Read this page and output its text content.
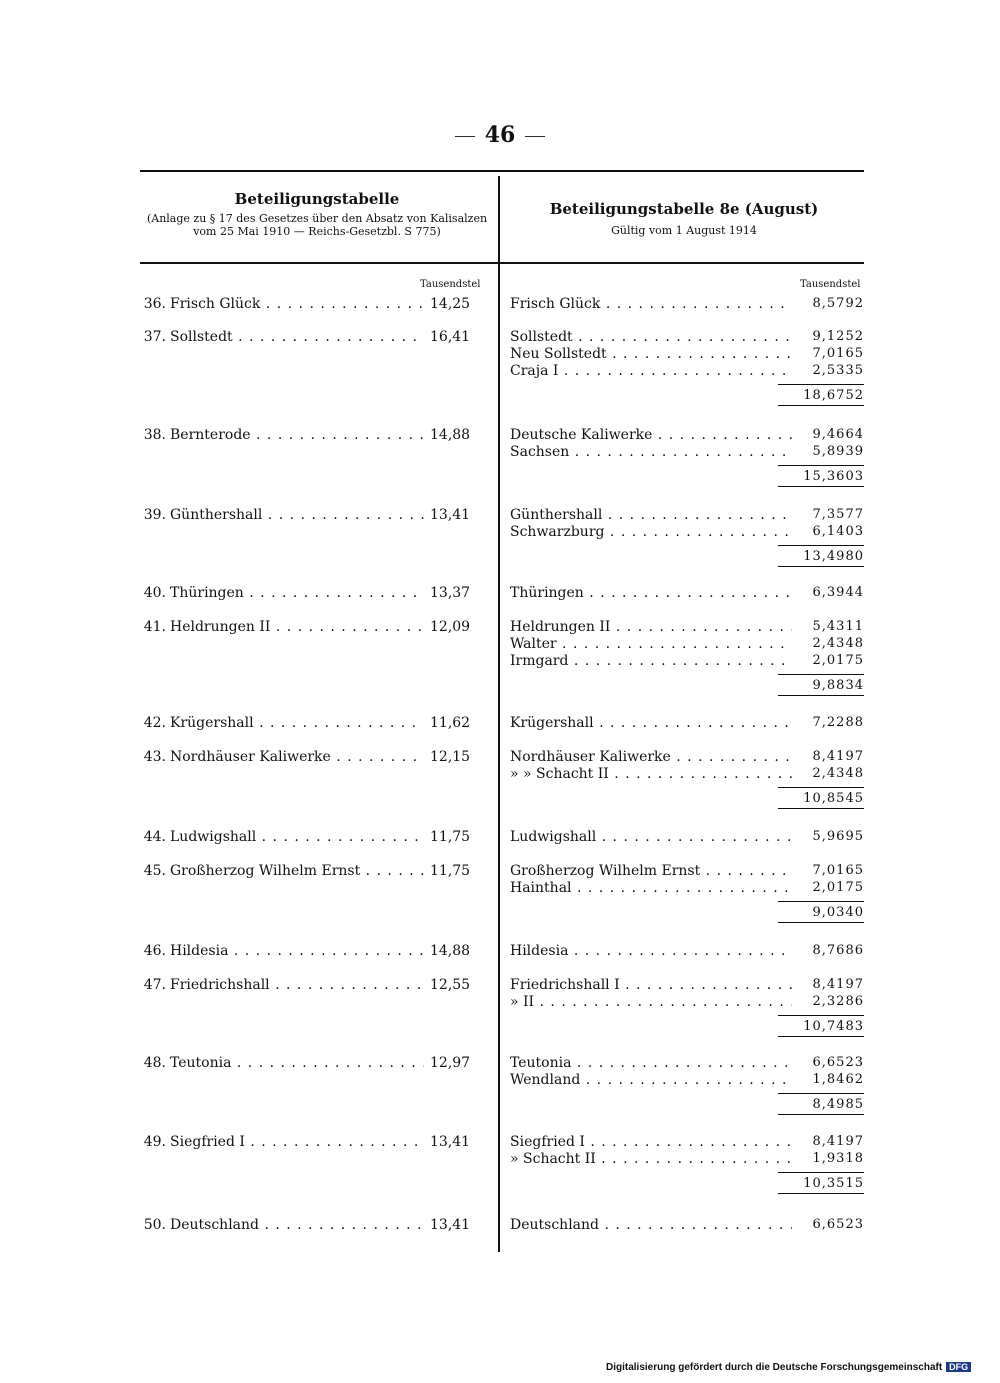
46
Beteiligungstabelle
(Anlage zu § 17 des Gesetzes über den Absatz von Kalisalzen
vom 25 Mai 1910 — Reichs-Gesetzbl. S 775)
Beteiligungstabelle 8e (August)
Gültig vom 1 August 1914
Tausendstel	Tausendstel
36. Frisch Glück . . .	14,25	Frisch Glück . . .	8,5792
37. Sollstedt . . .	16,41	Sollstedt . . .	9,1252
Neu Sollstedt . . .	7,0165
Craja I . . .	2,5335
18,6752
38. Bernterode . . .	14,88	Deutsche Kaliwerke . . .	9,4664
Sachsen . . .	5,8939
15,3603
39. Günthershall . . .	13,41	Günthershall . . .	7,3577
Schwarzburg . . .	6,1403
13,4980
40. Thüringen . . .	13,37	Thüringen . . .	6,3944
41. Heldrungen II . . .	12,09	Heldrungen II . . .	5,4311
Walter . . .	2,4348
Irmgard . . .	2,0175
9,8834
42. Krügershall . . .	11,62	Krügershall . . .	7,2288
43. Nordhäuser Kaliwerke . . .	12,15	Nordhäuser Kaliwerke . . .	8,4197
» » Schacht II . . .	2,4348
10,8545
44. Ludwigshall . . .	11,75	Ludwigshall . . .	5,9695
45. Großherzog Wilhelm Ernst . . .	11,75	Großherzog Wilhelm Ernst . . .	7,0165
Hainthal . . .	2,0175
9,0340
46. Hildesia . . .	14,88	Hildesia . . .	8,7686
47. Friedrichshall . . .	12,55	Friedrichshall I . . .	8,4197
» II . . .	2,3286
10,7483
48. Teutonia . . .	12,97	Teutonia . . .	6,6523
Wendland . . .	1,8462
8,4985
49. Siegfried I . . .	13,41	Siegfried I . . .	8,4197
» Schacht II . . .	1,9318
10,3515
50. Deutschland . . .	13,41	Deutschland . . .	6,6523
Digitalisierung gefördert durch die Deutsche Forschungsgemeinschaft DFG
